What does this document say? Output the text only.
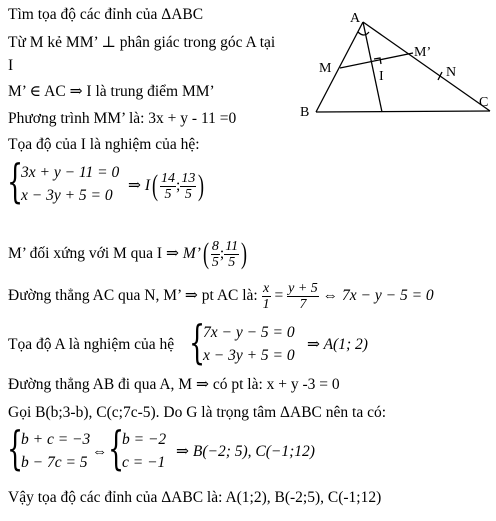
Tìm tọa độ các đỉnh của ΔABC
Từ M kẻ MM’ ⊥ phân giác trong góc A tại
I
M’ ∈ AC ⇒ I là trung điểm MM’
Phương trình MM’ là: 3x + y - 11 =0
Tọa độ của I là nghiệm của hệ:
{
3x + y − 11 = 0
x − 3y + 5 = 0
⇒ $I( \frac{14}{5}$ ; $\frac{13}{5}$ )
M’ đối xứng với M qua I ⇒ M’( $\frac{8}{5}$ ; $\frac{11}{5}$ )
Đường thẳng AC qua N, M’ ⇒ pt AC là: $\frac{x}{1} = \frac{y + 5}{7}$ ⇔ 7x − y − 5 = 0
Tọa độ A là nghiệm của hệ {
7x − y − 5 = 0
x − 3y + 5 = 0
⇒ A(1; 2)
Đường thẳng AB đi qua A, M ⇒ có pt là: x + y -3 = 0
Gọi B(b;3-b), C(c;7c-5). Do G là trọng tâm ΔABC nên ta có:
{
b + c = −3
b − 7c = 5
⇔ {
b = −2
c = −1
⇒ B(−2; 5), C(−1;12)
Vậy tọa độ các đỉnh của ΔABC là: A(1;2), B(-2;5), C(-1;12)
A
B
C
M
M’
I	N
